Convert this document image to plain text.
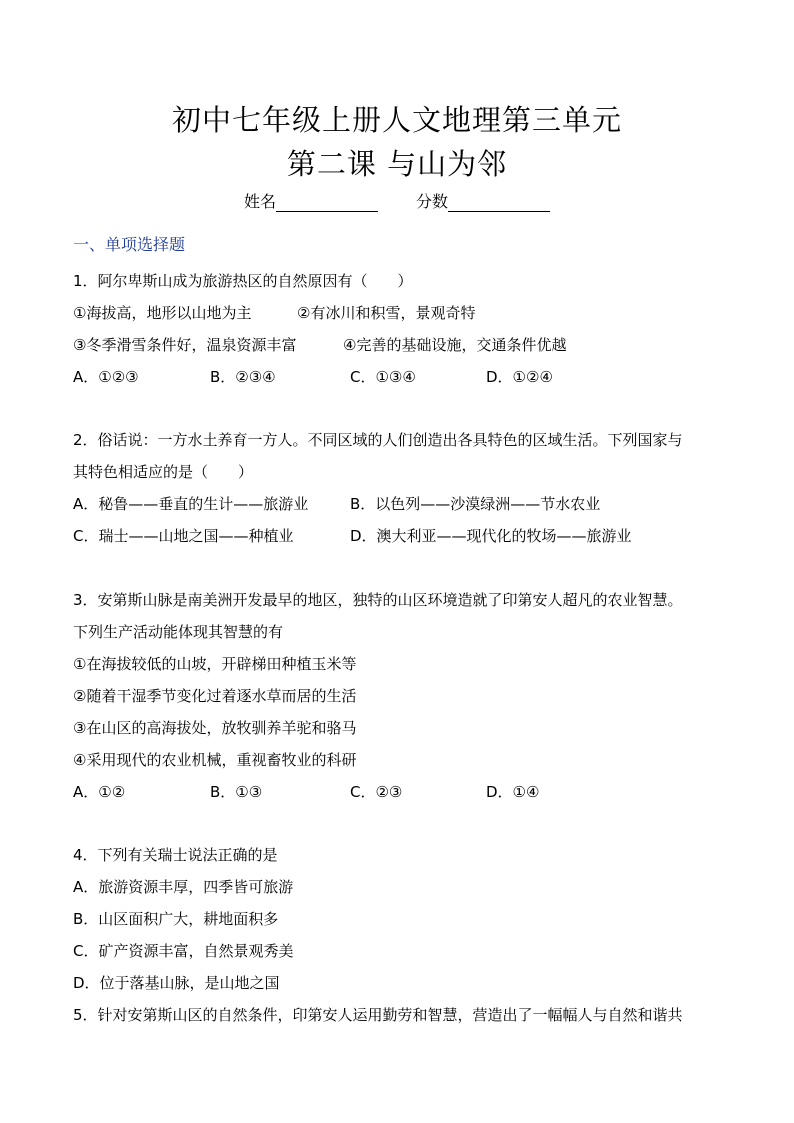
初中七年级上册人文地理第三单元
第二课 与山为邻
姓名	分数
一、单项选择题
1．阿尔卑斯山成为旅游热区的自然原因有（　　）
①海拔高，地形以山地为主	②有冰川和积雪，景观奇特
③冬季滑雪条件好，温泉资源丰富	④完善的基础设施，交通条件优越
A．①②③	B．②③④	C．①③④	D．①②④
2．俗话说：一方水土养育一方人。不同区域的人们创造出各具特色的区域生活。下列国家与
其特色相适应的是（　　）
A．秘鲁——垂直的生计——旅游业	B．以色列——沙漠绿洲——节水农业
C．瑞士——山地之国——种植业	D．澳大利亚——现代化的牧场——旅游业
3．安第斯山脉是南美洲开发最早的地区，独特的山区环境造就了印第安人超凡的农业智慧。
下列生产活动能体现其智慧的有
①在海拔较低的山坡，开辟梯田种植玉米等
②随着干湿季节变化过着逐水草而居的生活
③在山区的高海拔处，放牧驯养羊驼和骆马
④采用现代的农业机械，重视畜牧业的科研
A．①②	B．①③	C．②③	D．①④
4．下列有关瑞士说法正确的是
A．旅游资源丰厚，四季皆可旅游
B．山区面积广大，耕地面积多
C．矿产资源丰富，自然景观秀美
D．位于落基山脉，是山地之国
5．针对安第斯山区的自然条件，印第安人运用勤劳和智慧，营造出了一幅幅人与自然和谐共
